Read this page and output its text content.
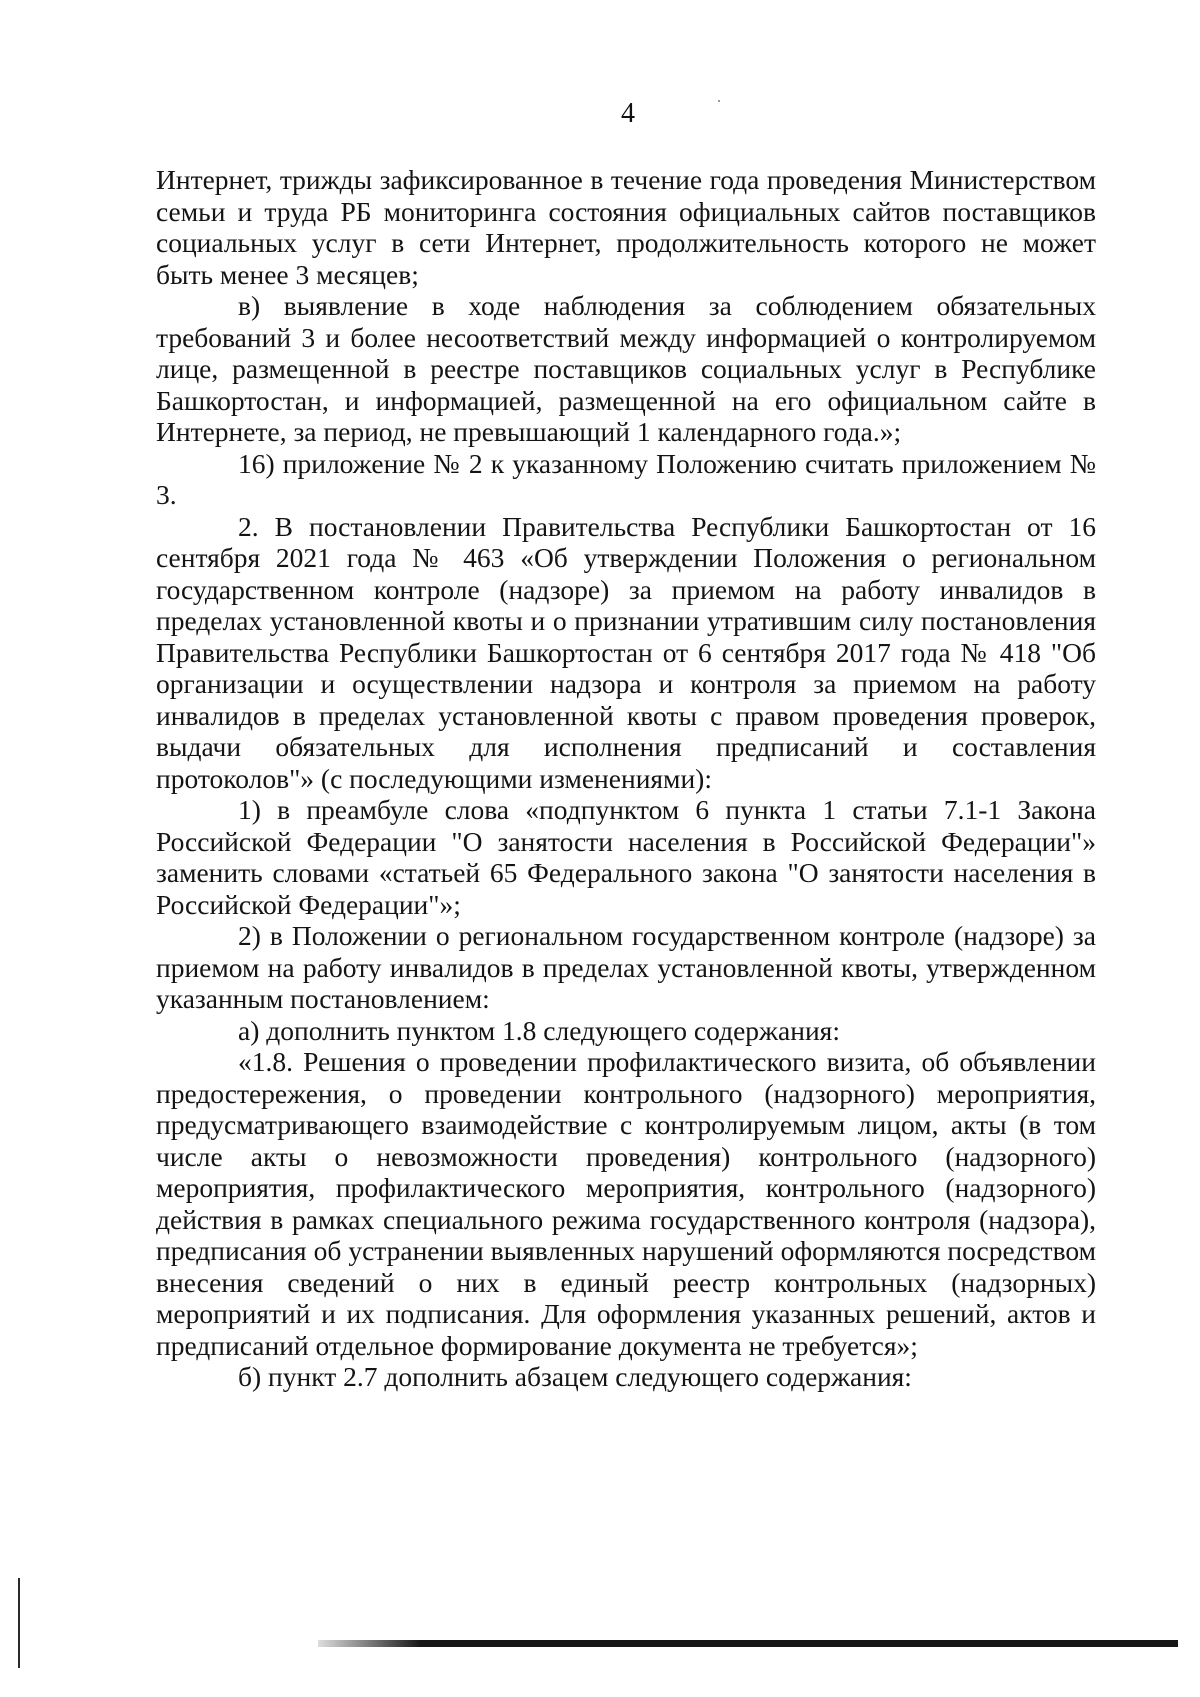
4

Интернет, трижды зафиксированное в течение года проведения Министерством семьи и труда РБ мониторинга состояния официальных сайтов поставщиков социальных услуг в сети Интернет, продолжительность которого не может быть менее 3 месяцев;

в) выявление в ходе наблюдения за соблюдением обязательных требований 3 и более несоответствий между информацией о контролируемом лице, размещенной в реестре поставщиков социальных услуг в Республике Башкортостан, и информацией, размещенной на его официальном сайте в Интернете, за период, не превышающий 1 календарного года.»;

16) приложение № 2 к указанному Положению считать приложением № 3.

2. В постановлении Правительства Республики Башкортостан от 16 сентября 2021 года № 463 «Об утверждении Положения о региональном государственном контроле (надзоре) за приемом на работу инвалидов в пределах установленной квоты и о признании утратившим силу постановления Правительства Республики Башкортостан от 6 сентября 2017 года № 418 "Об организации и осуществлении надзора и контроля за приемом на работу инвалидов в пределах установленной квоты с правом проведения проверок, выдачи обязательных для исполнения предписаний и составления протоколов"» (с последующими изменениями):

1) в преамбуле слова «подпунктом 6 пункта 1 статьи 7.1-1 Закона Российской Федерации "О занятости населения в Российской Федерации"» заменить словами «статьей 65 Федерального закона "О занятости населения в Российской Федерации"»;

2) в Положении о региональном государственном контроле (надзоре) за приемом на работу инвалидов в пределах установленной квоты, утвержденном указанным постановлением:

а) дополнить пунктом 1.8 следующего содержания:

«1.8. Решения о проведении профилактического визита, об объявлении предостережения, о проведении контрольного (надзорного) мероприятия, предусматривающего взаимодействие с контролируемым лицом, акты (в том числе акты о невозможности проведения) контрольного (надзорного) мероприятия, профилактического мероприятия, контрольного (надзорного) действия в рамках специального режима государственного контроля (надзора), предписания об устранении выявленных нарушений оформляются посредством внесения сведений о них в единый реестр контрольных (надзорных) мероприятий и их подписания. Для оформления указанных решений, актов и предписаний отдельное формирование документа не требуется»;

б) пункт 2.7 дополнить абзацем следующего содержания:
